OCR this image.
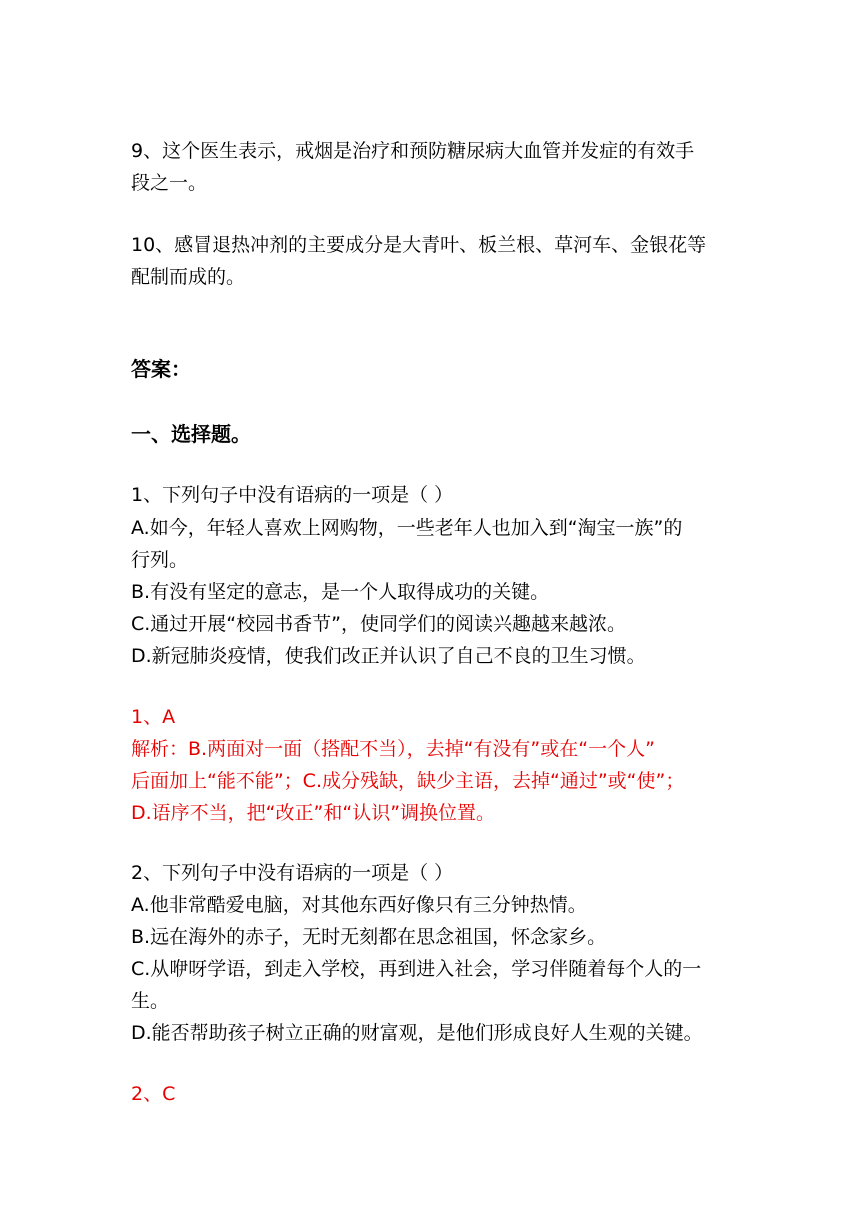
9、这个医生表示，戒烟是治疗和预防糖尿病大血管并发症的有效手
段之一。
10、感冒退热冲剂的主要成分是大青叶、板兰根、草河车、金银花等
配制而成的。
答案：
一、选择题。
1、下列句子中没有语病的一项是（ ）
A.如今，年轻人喜欢上网购物，一些老年人也加入到“淘宝一族”的
行列。
B.有没有坚定的意志，是一个人取得成功的关键。
C.通过开展“校园书香节”，使同学们的阅读兴趣越来越浓。
D.新冠肺炎疫情，使我们改正并认识了自己不良的卫生习惯。
1、A
解析：B.两面对一面（搭配不当），去掉“有没有”或在“一个人”
后面加上“能不能”；C.成分残缺，缺少主语，去掉“通过”或“使”；
D.语序不当，把“改正”和“认识”调换位置。
2、下列句子中没有语病的一项是（ ）
A.他非常酷爱电脑，对其他东西好像只有三分钟热情。
B.远在海外的赤子，无时无刻都在思念祖国，怀念家乡。
C.从咿呀学语，到走入学校，再到进入社会，学习伴随着每个人的一
生。
D.能否帮助孩子树立正确的财富观，是他们形成良好人生观的关键。
2、C
